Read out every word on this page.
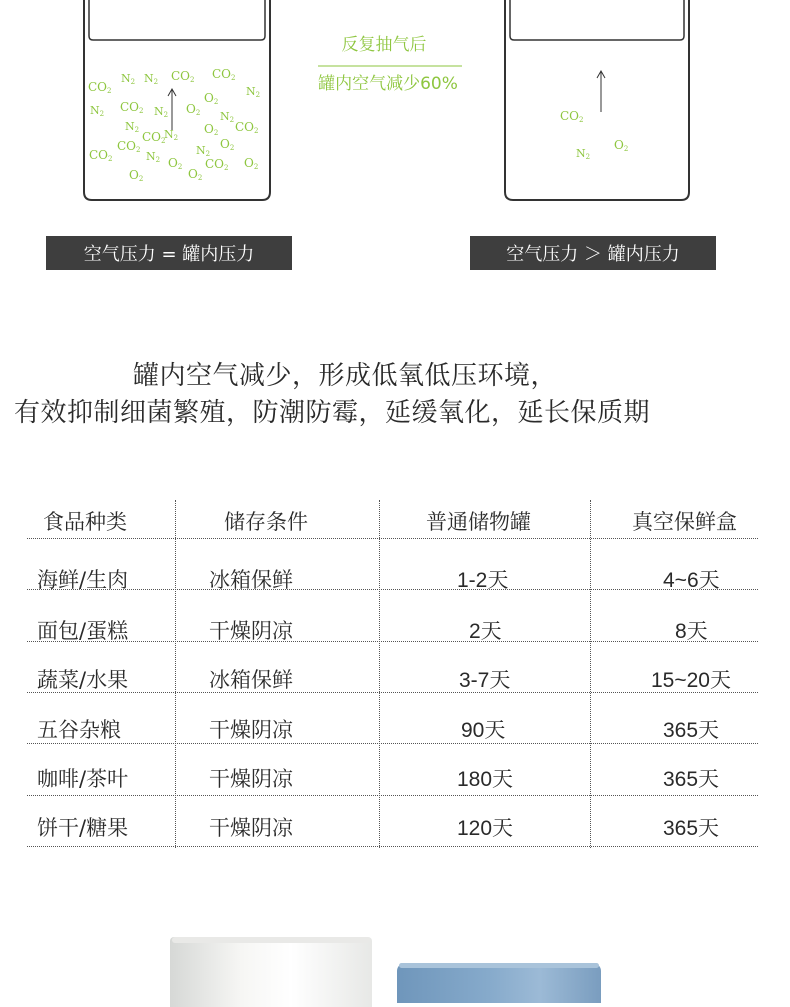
$CO_2$
$N_2$ $N_2$ $CO_2$ $CO_2$
$N_2$
$O_2$
$N_2$ $CO_2$ $N_2$ $O_2$ $N_2$ $CO_2$
$N_2$	$O_2$
$CO_2$
$N_2$
$N_2$
$CO_2$
$CO_2$ $N_2$ $O_2$ $CO_2$ $O_2$
$O_2$	$O_2$
$O_2$
$CO_2$
$N_2$
$O_2$
反复抽气后
罐内空气减少60%
空气压力 = 罐内压力	空气压力 ＞ 罐内压力
罐内空气减少，形成低氧低压环境，
有效抑制细菌繁殖，防潮防霉，延缓氧化，延长保质期
食品种类	储存条件	普通储物罐	真空保鲜盒
海鲜/生肉	冰箱保鲜	1-2天	4~6天
面包/蛋糕	干燥阴凉	2天	8天
蔬菜/水果	冰箱保鲜	3-7天	15~20天
五谷杂粮	干燥阴凉	90天	365天
咖啡/茶叶	干燥阴凉	180天	365天
饼干/糖果	干燥阴凉	120天	365天
